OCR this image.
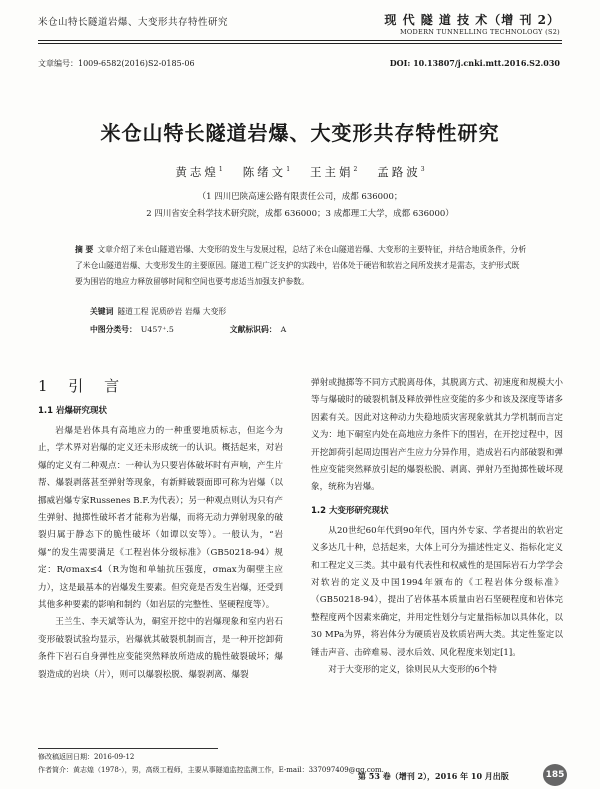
米仓山特长隧道岩爆、大变形共存特性研究	现 代 隧 道 技 术（增 刊 2）
MODERN TUNNELLING TECHNOLOGY (S2)
文章编号：1009-6582(2016)S2-0185-06	DOI: 10.13807/j.cnki.mtt.2016.S2.030
米仓山特长隧道岩爆、大变形共存特性研究
黄志煌$^1$ 陈绪文$^1$ 王主娟$^2$ 孟路波$^3$
（1 四川巴陕高速公路有限责任公司，成都 636000；
2 四川省安全科学技术研究院，成都 636000；3 成都理工大学，成都 636000）
摘 要 文章介绍了米仓山隧道岩爆、大变形的发生与发展过程，总结了米仓山隧道岩爆、大变形的主要特征，并结合地质条件，分析了米仓山隧道岩爆、大变形发生的主要原因。隧道工程广泛支护的实践中，岩体处于硬岩和软岩之间所发挟才是需态，支护形式既要为围岩的地应力释放留够时间和空间也要考虑适当加强支护参数。
关键词 隧道工程 泥质砂岩 岩爆 大变形
中图分类号： U457⁺.5	文献标识码： A
1 引 言
1.1 岩爆研究现状

岩爆是岩体具有高地应力的一种重要地质标志，但迄今为止，学术界对岩爆的定义还未形成统一的认识。概括起来，对岩爆的定义有二种观点：一种认为只要岩体破坏时有声响，产生片帮、爆裂剥落甚至弹射等现象，有新鲜破裂面即可称为岩爆（以挪威岩爆专家Russenes B.F.为代表）；另一种观点则认为只有产生弹射、抛掷性破坏者才能称为岩爆，而将无动力弹射现象的破裂归属于静态下的脆性破坏（如谭以安等）。一般认为，“岩爆”的发生需要满足《工程岩体分级标准》（GB50218-94）规定：R/σmax≤4（R为饱和单轴抗压强度，σmax为硐壁主应力），这是最基本的岩爆发生要素。但究竟是否发生岩爆，还受到其他多种要素的影响和制约（如岩层的完整性、坚硬程度等）。

王兰生、李天斌等认为，硐室开挖中的岩爆现象和室内岩石变形破裂试验均显示，岩爆就其破裂机制而言，是一种开挖卸荷条件下岩石自身弹性应变能突然释放所造成的脆性破裂破坏；爆裂造成的岩块（片），则可以爆裂松脱、爆裂剥离、爆裂

弹射或抛掷等不同方式脱离母体，其脱离方式、初速度和规模大小等与爆破时的破裂机制及释放弹性应变能的多少和该及深度等诸多因素有关。因此对这种动力失稳地质灾害现象就其力学机制而言定义为：地下硐室内处在高地应力条件下的围岩，在开挖过程中，因开挖卸荷引起周边围岩产生应力分异作用，造成岩石内部破裂和弹性应变能突然释放引起的爆裂松脱、剥离、弹射乃至抛掷性破坏现象，统称为岩爆。

1.2 大变形研究现状

从20世纪60年代到90年代，国内外专家、学者提出的软岩定义多达几十种，总括起来，大体上可分为描述性定义、指标化定义和工程定义三类。其中最有代表性和权威性的是国际岩石力学学会对软岩的定义及中国1994年颁布的《工程岩体分级标准》（GB50218-94），提出了岩体基本质量由岩石坚硬程度和岩体完整程度两个因素来确定，并用定性划分与定量指标加以具体化，以30 MPa为界，将岩体分为硬质岩及软质岩两大类。其定性鉴定以锤击声音、击碎难易、浸水后效、风化程度来划定[1]。

对于大变形的定义，徐则民从大变形的6个特

修改稿返回日期：2016-09-12
作者简介：黄志煌（1978-），男，高级工程师，主要从事隧道监控监测工作，E-mail：337097409@qq.com.
第 53 卷（增刊 2），2016 年 10 月出版	185
